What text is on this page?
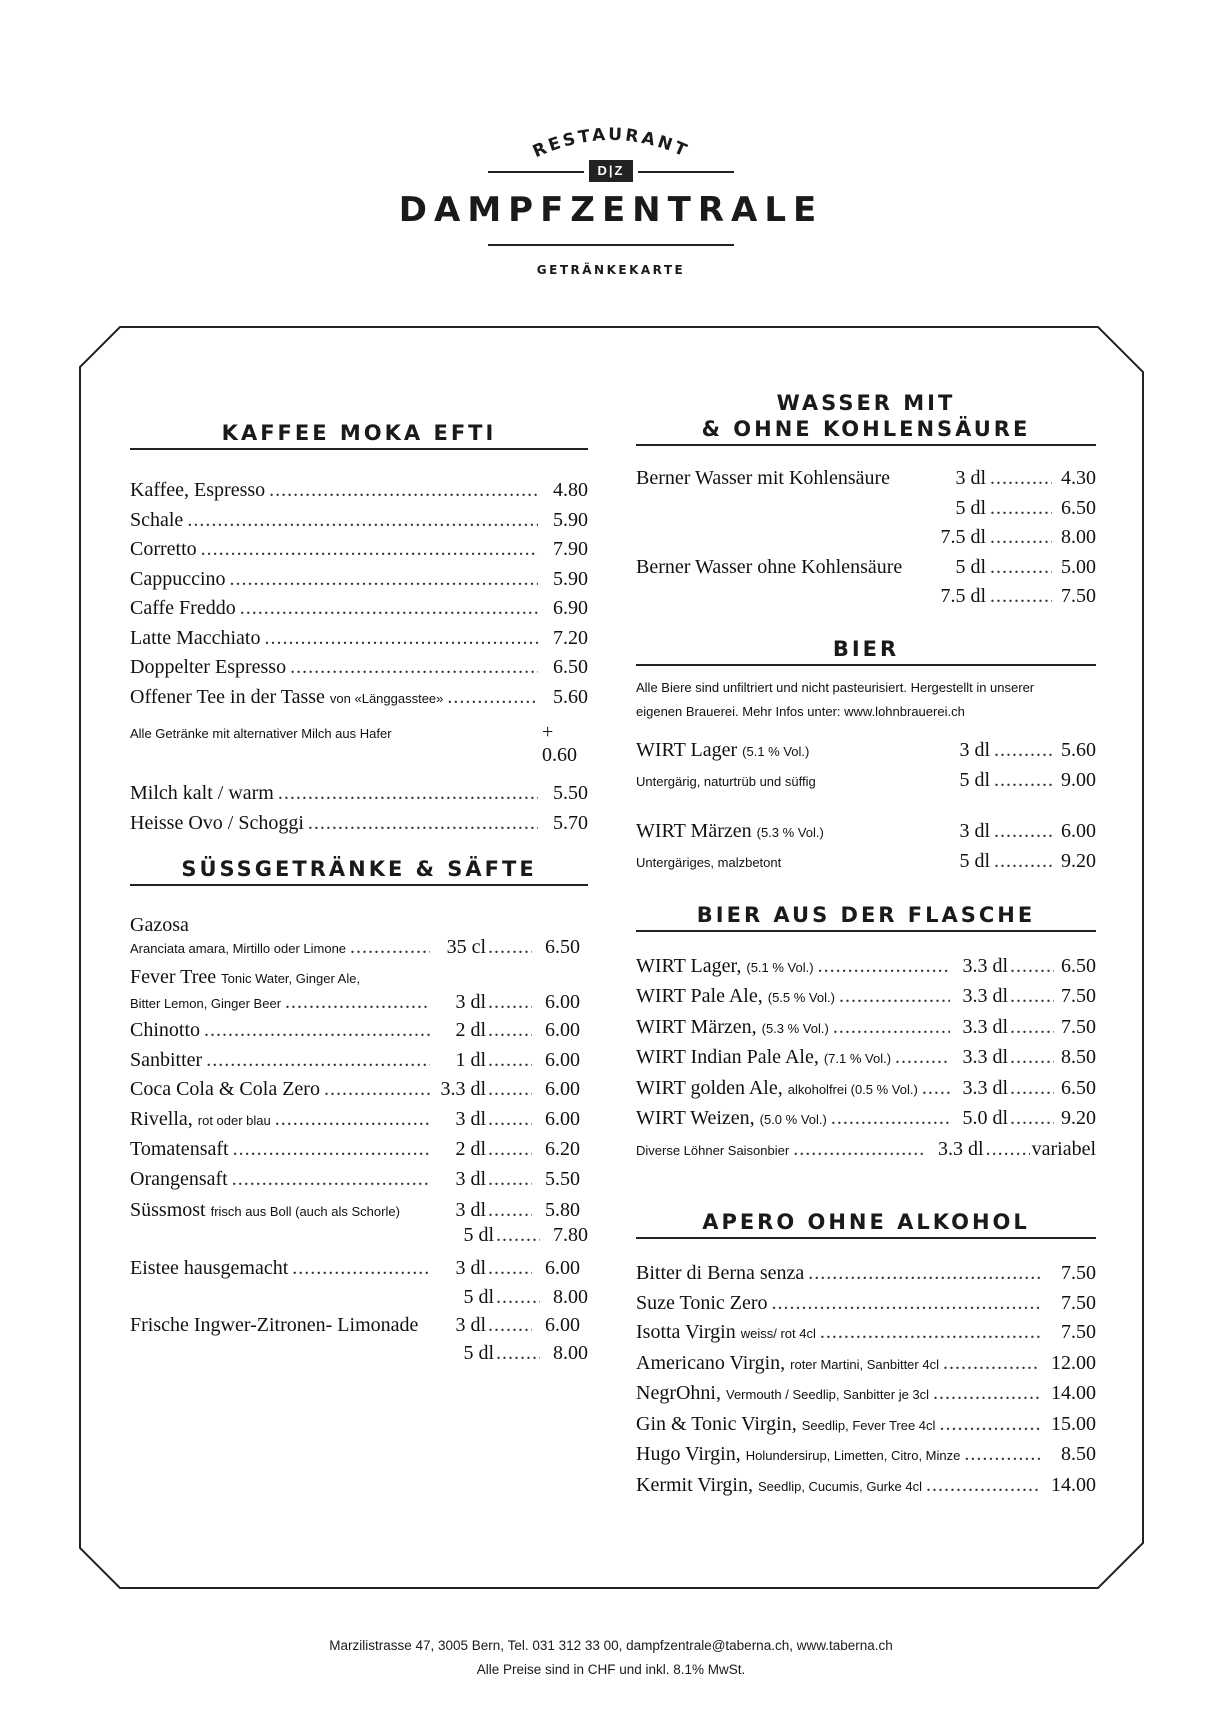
RESTAURANT
D|Z
DAMPFZENTRALE
GETRÄNKEKARTE
KAFFEE MOKA EFTI
Kaffee, Espresso .....	4.80
Schale .....	5.90
Corretto .....	7.90
Cappuccino .....	5.90
Caffe Freddo .....	6.90
Latte Macchiato .....	7.20
Doppelter Espresso .....	6.50
Offener Tee in der Tasse
von «Länggasstee» .....	5.60
Alle Getränke mit alternativer Milch aus Hafer	+ 0.60
Milch kalt / warm .....	5.50
Heisse Ovo / Schoggi .....	5.70
SÜSSGETRÄNKE & SÄFTE
Gazosa
Aranciata amara, Mirtillo oder Limone .....	35 cl .....	6.50
Fever Tree Tonic Water, Ginger Ale,
Bitter Lemon, Ginger Beer .....	3 dl .....	6.00
Chinotto .....	2 dl .....	6.00
Sanbitter .....	1 dl .....	6.00
Coca Cola & Cola Zero .....	3.3 dl .....	6.00
Rivella,
rot oder blau .....	3 dl .....	6.00
Tomatensaft .....	2 dl .....	6.20
Orangensaft .....	3 dl .....	5.50
Süssmost
frisch aus Boll (auch als Schorle)	3 dl .....	5.80
5 dl .....	7.80
Eistee hausgemacht .....	3 dl .....	6.00
5 dl .....	8.00
Frische Ingwer-Zitronen- Limonade	3 dl .....	6.00
5 dl .....	8.00
WASSER MIT
& OHNE KOHLENSÄURE
Berner Wasser mit Kohlensäure	3 dl .....	4.30
5 dl .....	6.50
7.5 dl .....	8.00
Berner Wasser ohne Kohlensäure	5 dl .....	5.00
7.5 dl .....	7.50
BIER
Alle Biere sind unfiltriert und nicht pasteurisiert. Hergestellt in unserer
eigenen Brauerei. Mehr Infos unter: www.lohnbrauerei.ch
WIRT Lager
(5.1 % Vol.)	3 dl .....	5.60
Untergärig, naturtrüb und süffig	5 dl .....	9.00
WIRT Märzen
(5.3 % Vol.)	3 dl .....	6.00
Untergäriges, malzbetont	5 dl .....	9.20
BIER AUS DER FLASCHE
WIRT Lager,
(5.1 % Vol.) .....	3.3 dl .....	6.50
WIRT Pale Ale,
(5.5 % Vol.) .....	3.3 dl .....	7.50
WIRT Märzen,
(5.3 % Vol.) .....	3.3 dl .....	7.50
WIRT Indian Pale Ale,
(7.1 % Vol.) .....	3.3 dl .....	8.50
WIRT golden Ale,
alkoholfrei (0.5 % Vol.) .....	3.3 dl .....	6.50
WIRT Weizen,
(5.0 % Vol.) .....	5.0 dl .....	9.20
Diverse Löhner Saisonbier .....	3.3 dl ..... variabel
APERO OHNE ALKOHOL
Bitter di Berna senza .....	7.50
Suze Tonic Zero .....	7.50
Isotta Virgin
weiss/ rot 4cl .....	7.50
Americano Virgin,
roter Martini, Sanbitter 4cl .....	12.00
NegrOhni,
Vermouth / Seedlip, Sanbitter je 3cl .....	14.00
Gin & Tonic Virgin,
Seedlip, Fever Tree 4cl .....	15.00
Hugo Virgin,
Holundersirup, Limetten, Citro, Minze .....	8.50
Kermit Virgin,
Seedlip, Cucumis, Gurke 4cl .....	14.00
Marzilistrasse 47, 3005 Bern, Tel. 031 312 33 00, dampfzentrale@taberna.ch, www.taberna.ch
Alle Preise sind in CHF und inkl. 8.1% MwSt.
